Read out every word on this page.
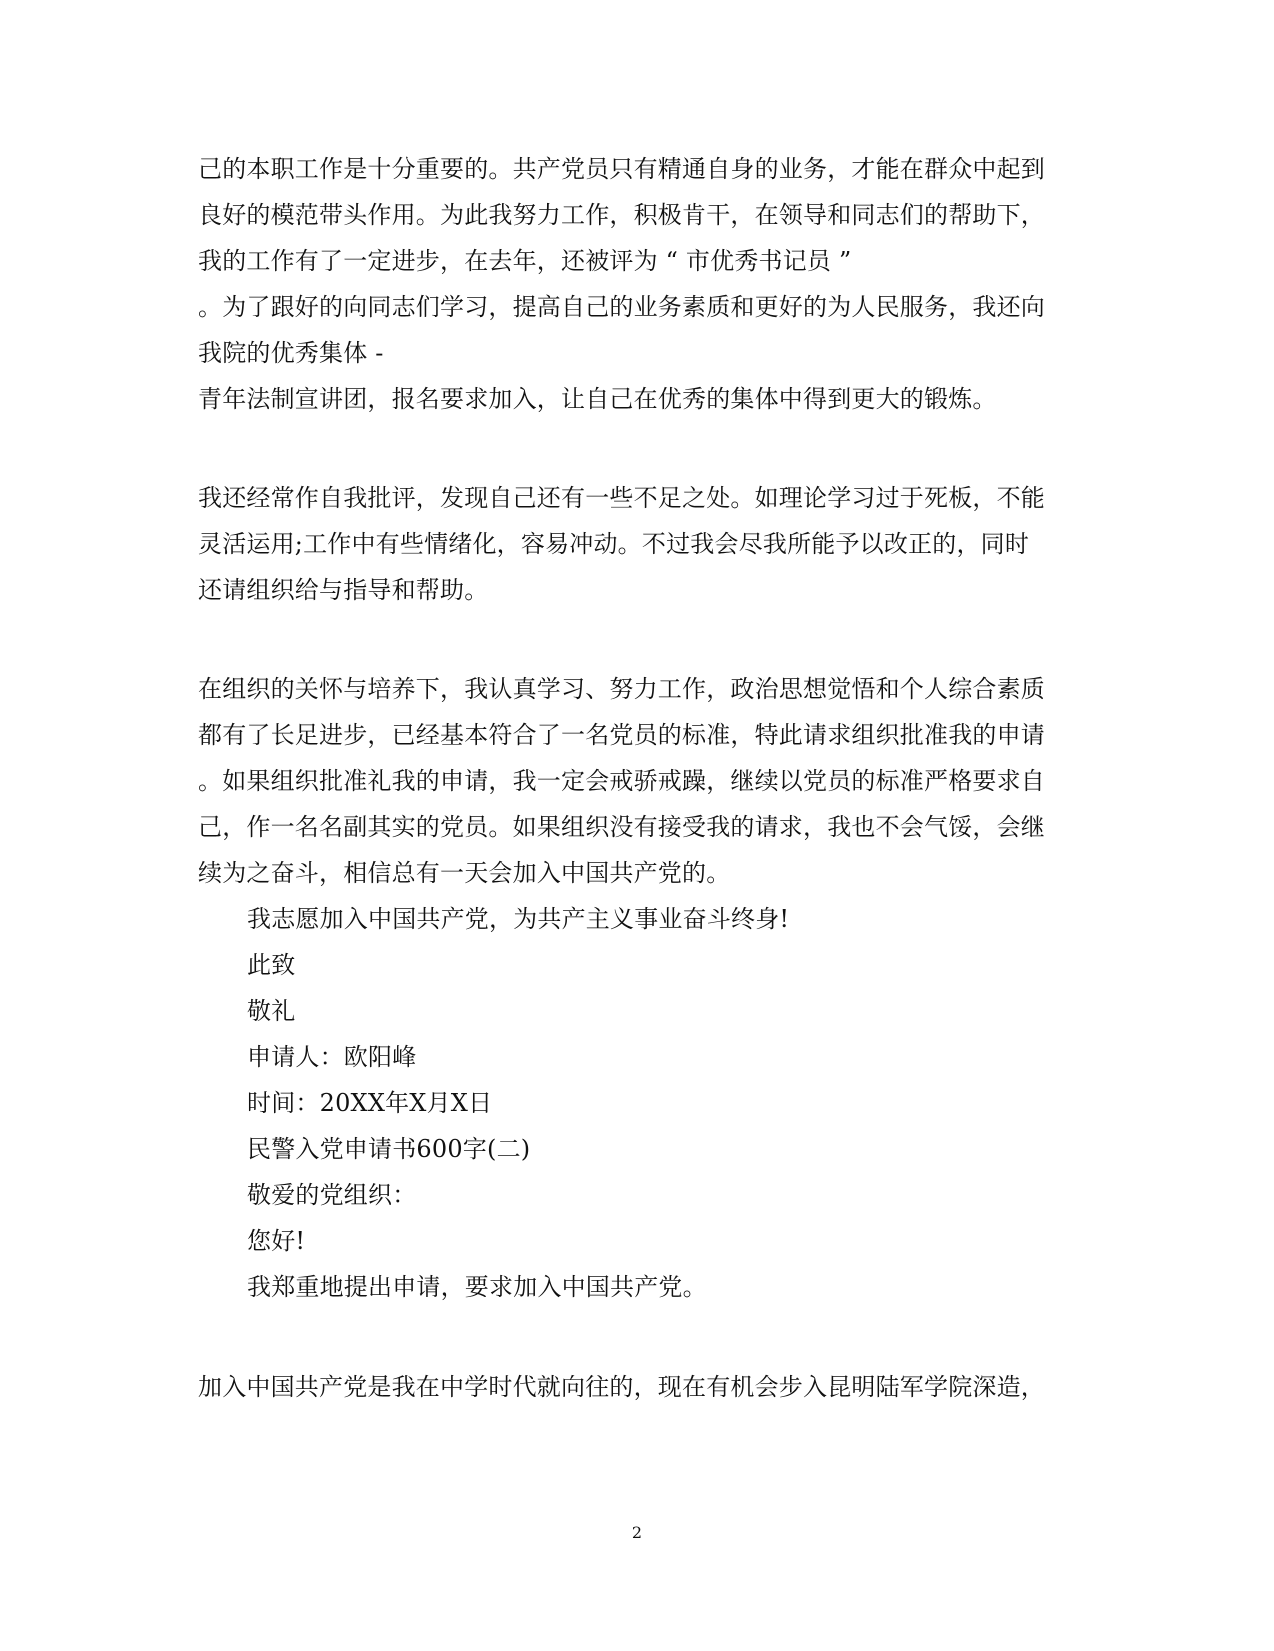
己的本职工作是十分重要的。共产党员只有精通自身的业务，才能在群众中起到
良好的模范带头作用。为此我努力工作，积极肯干，在领导和同志们的帮助下，
我的工作有了一定进步，在去年，还被评为 “ 市优秀书记员 ”
。为了跟好的向同志们学习，提高自己的业务素质和更好的为人民服务，我还向
我院的优秀集体 -
青年法制宣讲团，报名要求加入，让自己在优秀的集体中得到更大的锻炼。
我还经常作自我批评，发现自己还有一些不足之处。如理论学习过于死板，不能
灵活运用;工作中有些情绪化，容易冲动。不过我会尽我所能予以改正的，同时
还请组织给与指导和帮助。
在组织的关怀与培养下，我认真学习、努力工作，政治思想觉悟和个人综合素质
都有了长足进步，已经基本符合了一名党员的标准，特此请求组织批准我的申请
。如果组织批准礼我的申请，我一定会戒骄戒躁，继续以党员的标准严格要求自
己，作一名名副其实的党员。如果组织没有接受我的请求，我也不会气馁，会继
续为之奋斗，相信总有一天会加入中国共产党的。
我志愿加入中国共产党，为共产主义事业奋斗终身!
此致
敬礼
申请人：欧阳峰
时间：20XX年X月X日
民警入党申请书600字(二)
敬爱的党组织：
您好!
我郑重地提出申请，要求加入中国共产党。
加入中国共产党是我在中学时代就向往的，现在有机会步入昆明陆军学院深造，
2
